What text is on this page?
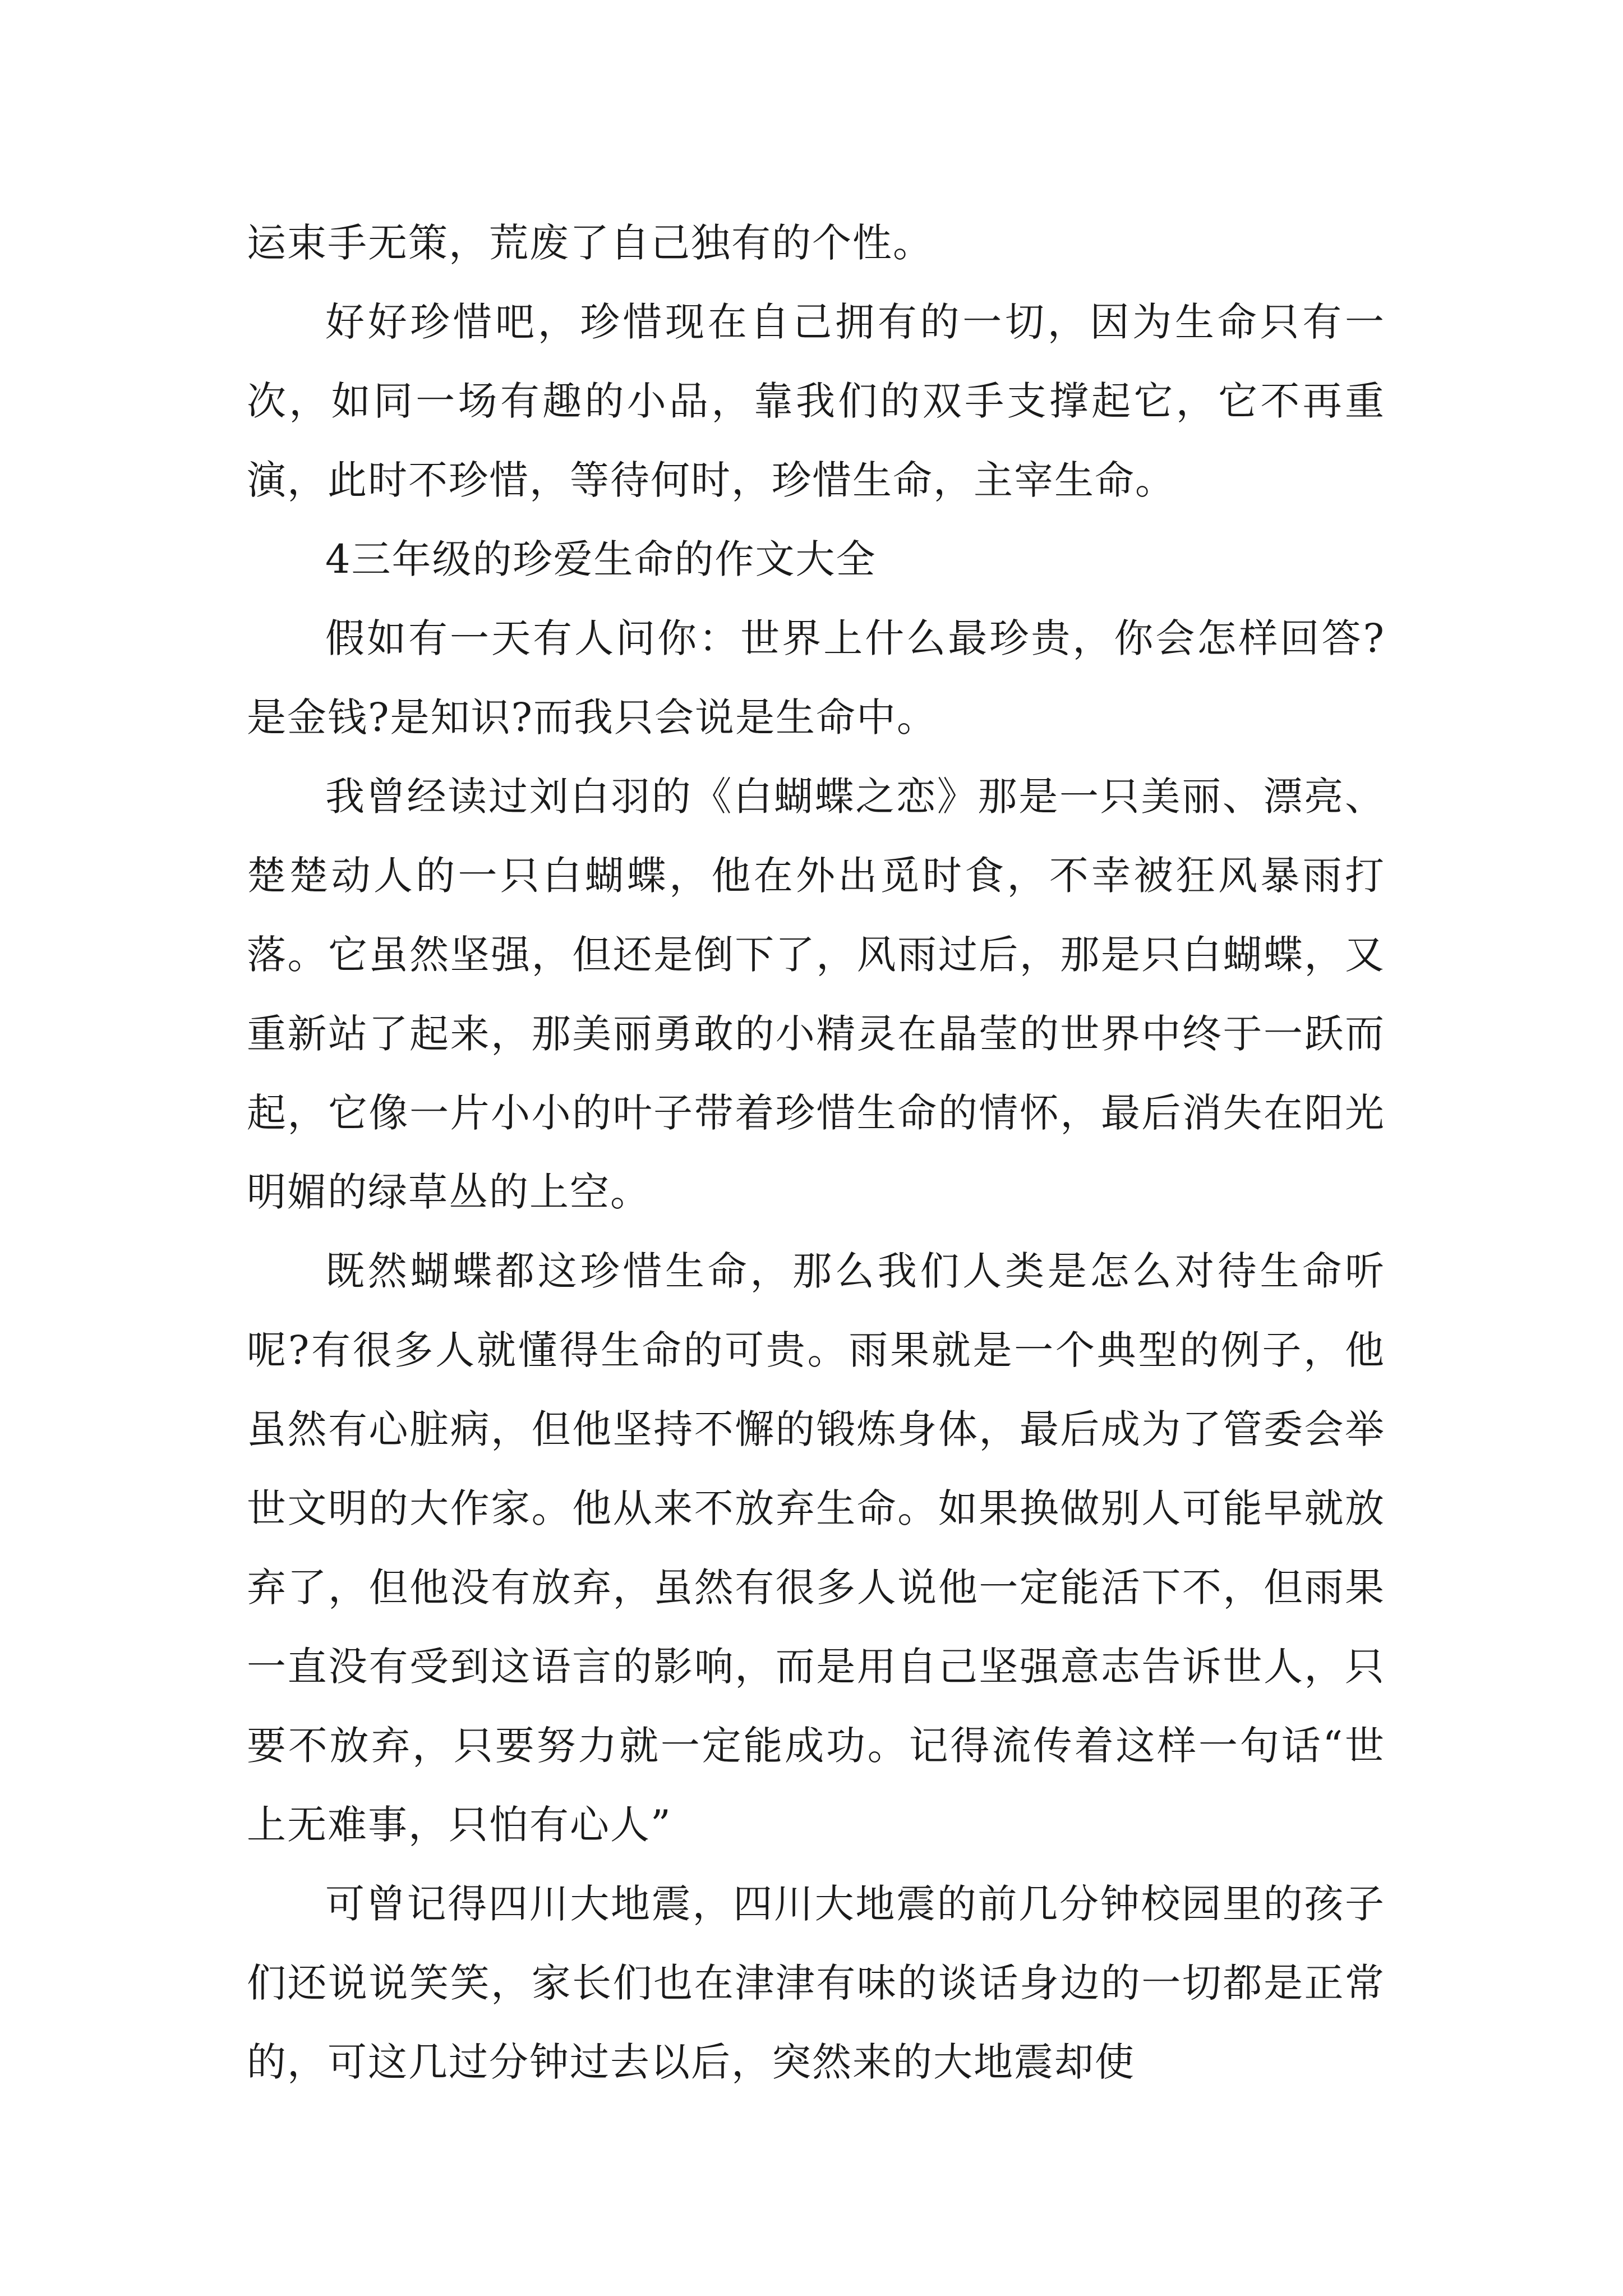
运束手无策，荒废了自己独有的个性。

好好珍惜吧，珍惜现在自己拥有的一切，因为生命只有一次，如同一场有趣的小品，靠我们的双手支撑起它，它不再重演，此时不珍惜，等待何时，珍惜生命，主宰生命。

4三年级的珍爱生命的作文大全

假如有一天有人问你：世界上什么最珍贵，你会怎样回答?是金钱?是知识?而我只会说是生命中。

我曾经读过刘白羽的《白蝴蝶之恋》那是一只美丽、漂亮、楚楚动人的一只白蝴蝶，他在外出觅时食，不幸被狂风暴雨打落。它虽然坚强，但还是倒下了，风雨过后，那是只白蝴蝶，又重新站了起来，那美丽勇敢的小精灵在晶莹的世界中终于一跃而起，它像一片小小的叶子带着珍惜生命的情怀，最后消失在阳光明媚的绿草丛的上空。

既然蝴蝶都这珍惜生命，那么我们人类是怎么对待生命听呢?有很多人就懂得生命的可贵。雨果就是一个典型的例子，他虽然有心脏病，但他坚持不懈的锻炼身体，最后成为了管委会举世文明的大作家。他从来不放弃生命。如果换做别人可能早就放弃了，但他没有放弃，虽然有很多人说他一定能活下不，但雨果一直没有受到这语言的影响，而是用自己坚强意志告诉世人，只要不放弃，只要努力就一定能成功。记得流传着这样一句话“世上无难事，只怕有心人”

可曾记得四川大地震，四川大地震的前几分钟校园里的孩子们还说说笑笑，家长们也在津津有味的谈话身边的一切都是正常的，可这几过分钟过去以后，突然来的大地震却使
